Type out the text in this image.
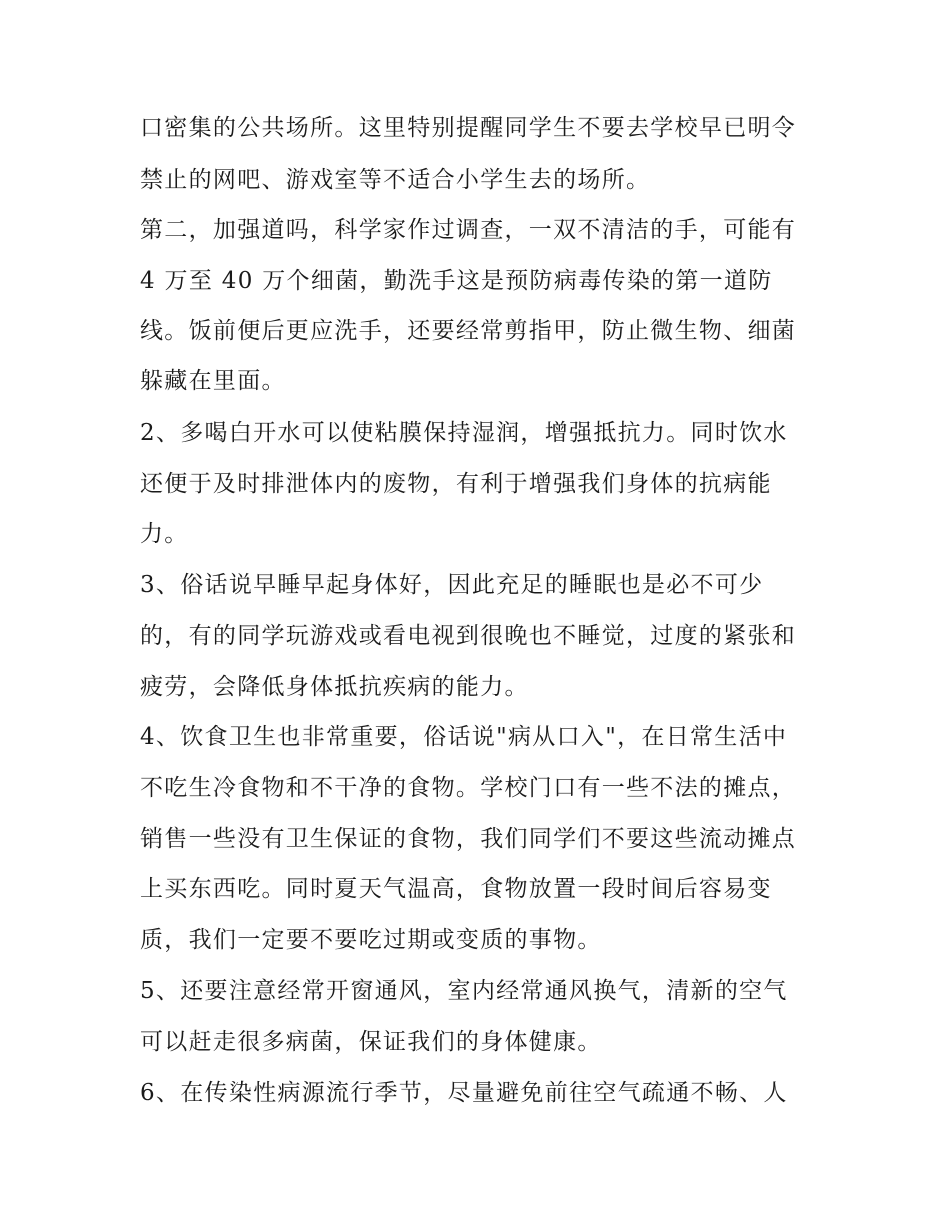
口密集的公共场所。这里特别提醒同学生不要去学校早已明令
禁止的网吧、游戏室等不适合小学生去的场所。
第二，加强道吗，科学家作过调查，一双不清洁的手，可能有
4 万至 40 万个细菌，勤洗手这是预防病毒传染的第一道防
线。饭前便后更应洗手，还要经常剪指甲，防止微生物、细菌
躲藏在里面。
2、多喝白开水可以使粘膜保持湿润，增强抵抗力。同时饮水
还便于及时排泄体内的废物，有利于增强我们身体的抗病能
力。
3、俗话说早睡早起身体好，因此充足的睡眠也是必不可少
的，有的同学玩游戏或看电视到很晚也不睡觉，过度的紧张和
疲劳，会降低身体抵抗疾病的能力。
4、饮食卫生也非常重要，俗话说"病从口入"，在日常生活中
不吃生冷食物和不干净的食物。学校门口有一些不法的摊点，
销售一些没有卫生保证的食物，我们同学们不要这些流动摊点
上买东西吃。同时夏天气温高，食物放置一段时间后容易变
质，我们一定要不要吃过期或变质的事物。
5、还要注意经常开窗通风，室内经常通风换气，清新的空气
可以赶走很多病菌，保证我们的身体健康。
6、在传染性病源流行季节，尽量避免前往空气疏通不畅、人
